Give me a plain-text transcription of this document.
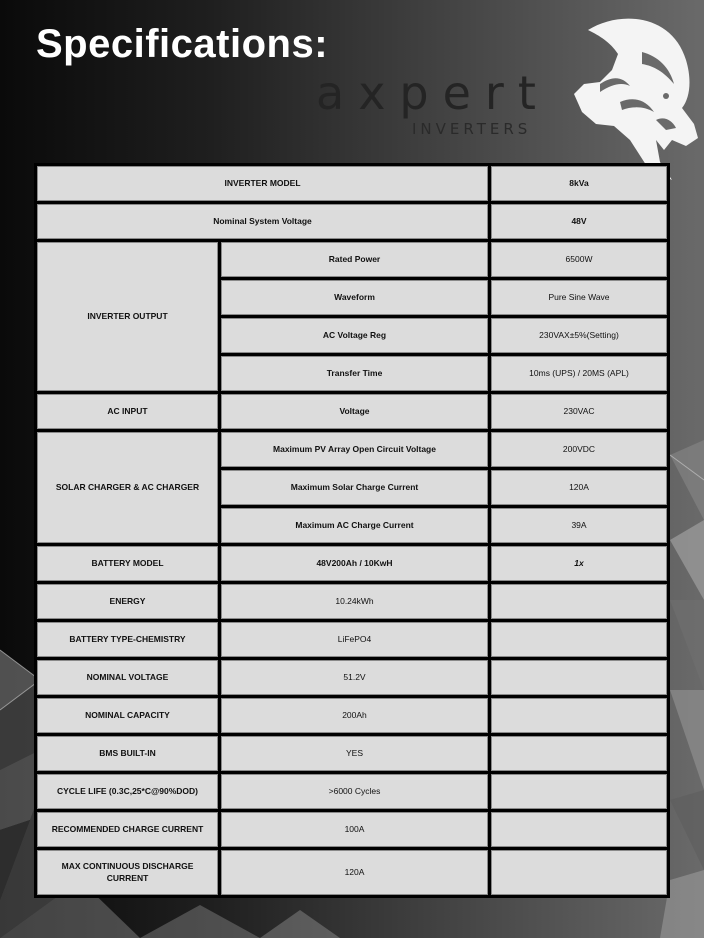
Specifications:
axpert
INVERTERS
INVERTER MODEL		8kVa
Nominal System Voltage		48V
INVERTER OUTPUT	Rated Power	6500W
	Waveform	Pure Sine Wave
	AC Voltage Reg	230VAX±5%(Setting)
	Transfer Time	10ms (UPS) / 20MS (APL)
AC INPUT	Voltage	230VAC
SOLAR CHARGER & AC CHARGER	Maximum PV Array Open Circuit Voltage	200VDC
	Maximum Solar Charge Current	120A
	Maximum AC Charge Current	39A
BATTERY MODEL	48V200Ah / 10KwH	1x
ENERGY	10.24kWh	
BATTERY TYPE-CHEMISTRY	LiFePO4	
NOMINAL VOLTAGE	51.2V	
NOMINAL CAPACITY	200Ah	
BMS BUILT-IN	YES	
CYCLE LIFE (0.3C,25*C@90%DOD)	>6000 Cycles	
RECOMMENDED CHARGE CURRENT	100A	
MAX CONTINUOUS DISCHARGE CURRENT	120A	
